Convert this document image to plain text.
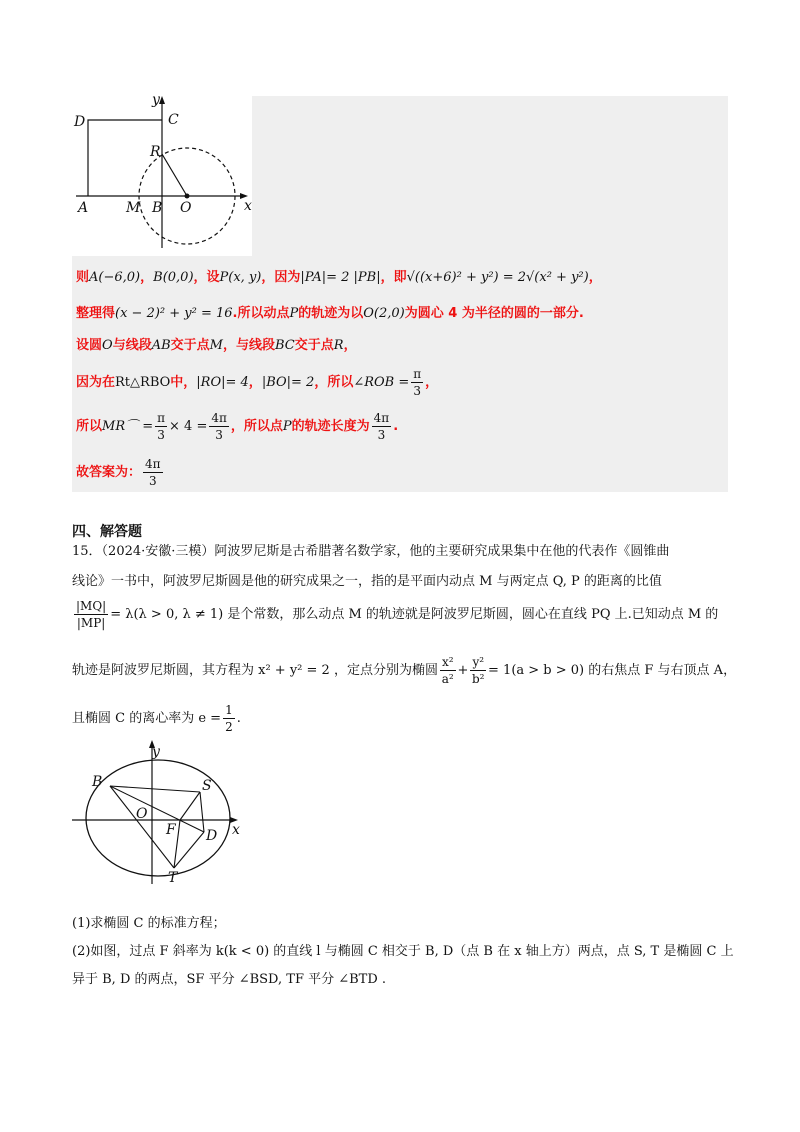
y
x
D	C
R
A	M B O
则A(−6,0)，B(0,0)，设P(x, y)，因为|PA|= 2 |PB|，即√((x+6)² + y²) = 2√(x² + y²)，
整理得(x − 2)² + y² = 16.所以动点P的轨迹为以O(2,0)为圆心 4 为半径的圆的一部分.
设圆O与线段AB交于点M，与线段BC交于点R，
因为在Rt△RBO中，|RO|= 4，|BO|= 2，所以∠ROB = $\frac{\pi}{3}$ ，
所以MR⌒ = $\frac{\pi}{3} \times 4 = \frac{4\pi}{3}$ ，所以点P的轨迹长度为 $\frac{4\pi}{3}$ .
故答案为： $\frac{4\pi}{3}$
四、解答题
15．（2024·安徽·三模）阿波罗尼斯是古希腊著名数学家，他的主要研究成果集中在他的代表作《圆锥曲
线论》一书中，阿波罗尼斯圆是他的研究成果之一，指的是平面内动点 M 与两定点 Q, P 的距离的比值
$\frac{|MQ|}{|MP|} = \lambda(\lambda > 0$, λ ≠ 1) 是个常数，那么动点 M 的轨迹就是阿波罗尼斯圆，圆心在直线 PQ 上.已知动点 M 的
轨迹是阿波罗尼斯圆，其方程为 x² + y² = 2 ，定点分别为椭圆 $\frac{\text{x²}}{\text{a²}} + \frac{\text{y²}}{\text{b²}} = 1(a > b > 0)$ 的右焦点 F 与右顶点 A，
且椭圆 C 的离心率为 $e = \frac{1}{2}$ .
y
x
B	S
O
F D
T
(1)求椭圆 C 的标准方程；
(2)如图，过点 F 斜率为 k(k < 0) 的直线 l 与椭圆 C 相交于 B, D（点 B 在 x 轴上方）两点，点 S, T 是椭圆 C 上
异于 B, D 的两点，SF 平分 ∠BSD, TF 平分 ∠BTD .
